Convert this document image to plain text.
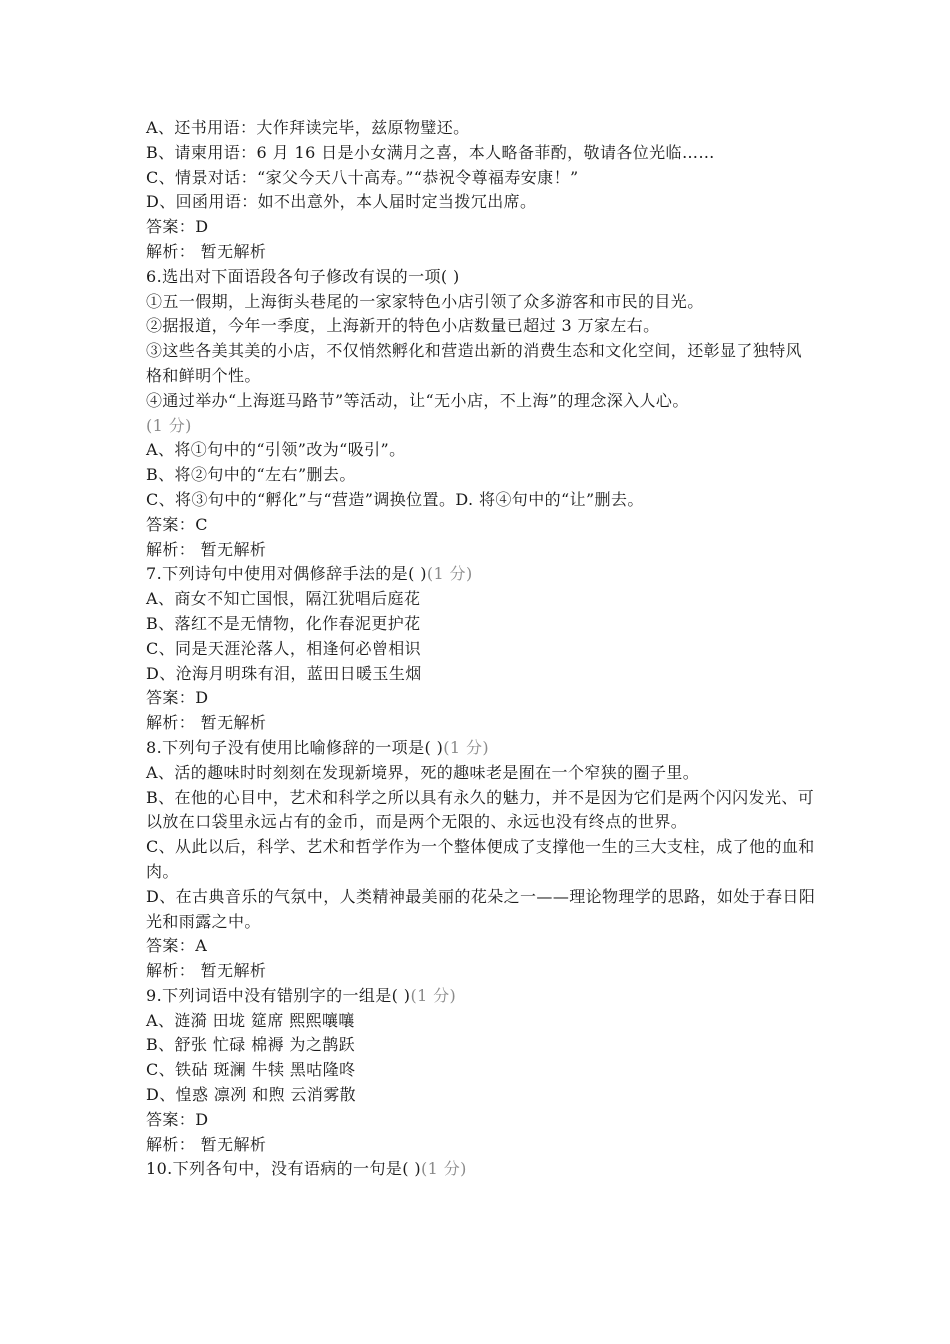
A、还书用语：大作拜读完毕，兹原物璧还。
B、请柬用语：6 月 16 日是小女满月之喜，本人略备菲酌，敬请各位光临……
C、情景对话：“家父今天八十高寿。”“恭祝令尊福寿安康！”
D、回函用语：如不出意外，本人届时定当拨冗出席。
答案：D
解析： 暂无解析
6.选出对下面语段各句子修改有误的一项( )
①五一假期，上海街头巷尾的一家家特色小店引领了众多游客和市民的目光。
②据报道，今年一季度，上海新开的特色小店数量已超过 3 万家左右。
③这些各美其美的小店，不仅悄然孵化和营造出新的消费生态和文化空间，还彰显了独特风格和鲜明个性。
④通过举办“上海逛马路节”等活动，让“无小店，不上海”的理念深入人心。
(1 分)
A、将①句中的“引领”改为“吸引”。
B、将②句中的“左右”删去。
C、将③句中的“孵化”与“营造”调换位置。D. 将④句中的“让”删去。
答案：C
解析： 暂无解析
7.下列诗句中使用对偶修辞手法的是( )(1 分)
A、商女不知亡国恨，隔江犹唱后庭花
B、落红不是无情物，化作春泥更护花
C、同是天涯沦落人，相逢何必曾相识
D、沧海月明珠有泪，蓝田日暖玉生烟
答案：D
解析： 暂无解析
8.下列句子没有使用比喻修辞的一项是( )(1 分)
A、活的趣味时时刻刻在发现新境界，死的趣味老是囿在一个窄狭的圈子里。
B、在他的心目中，艺术和科学之所以具有永久的魅力，并不是因为它们是两个闪闪发光、可以放在口袋里永远占有的金币，而是两个无限的、永远也没有终点的世界。
C、从此以后，科学、艺术和哲学作为一个整体便成了支撑他一生的三大支柱，成了他的血和肉。
D、在古典音乐的气氛中，人类精神最美丽的花朵之一——理论物理学的思路，如处于春日阳光和雨露之中。
答案：A
解析： 暂无解析
9.下列词语中没有错别字的一组是( )(1 分)
A、涟漪 田垅 筵席 熙熙嚷嚷
B、舒张 忙碌 棉褥 为之鹊跃
C、铁砧 斑澜 牛犊 黑咕隆咚
D、惶惑 凛冽 和煦 云消雾散
答案：D
解析： 暂无解析
10.下列各句中，没有语病的一句是( )(1 分)
